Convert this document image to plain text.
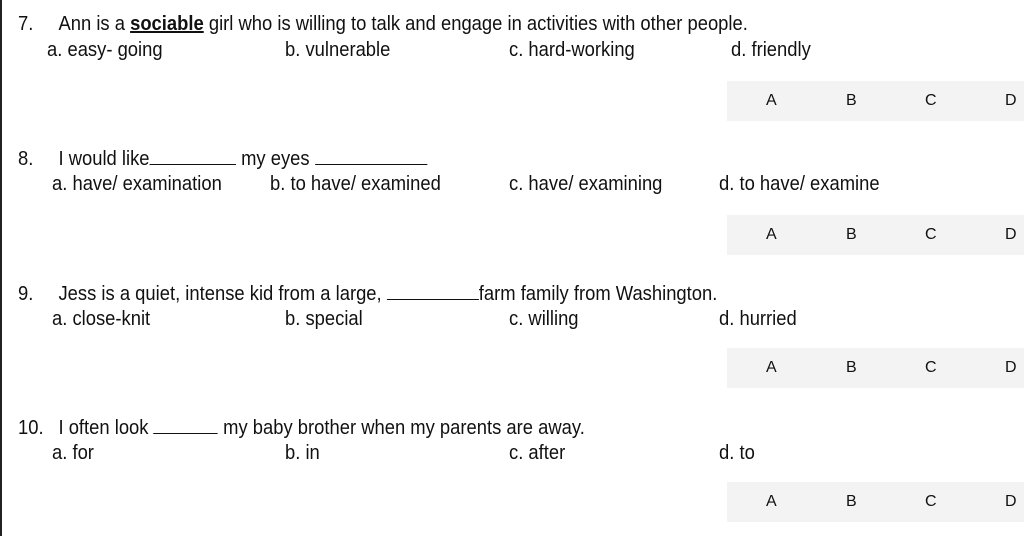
7. Ann is a sociable girl who is willing to talk and engage in activities with other people.
a. easy- going	b. vulnerable	c. hard-working	d. friendly
A	B	C	D
8. I would like	my eyes
a. have/ examination b. to have/ examined	c. have/ examining	d. to have/ examine
A	B	C	D
9. Jess is a quiet, intense kid from a large,	farm family from Washington.
a. close-knit	b. special	c. willing	d. hurried
A	B	C	D
10. I often look	my baby brother when my parents are away.
a. for	b. in	c. after	d. to
A	B	C	D
